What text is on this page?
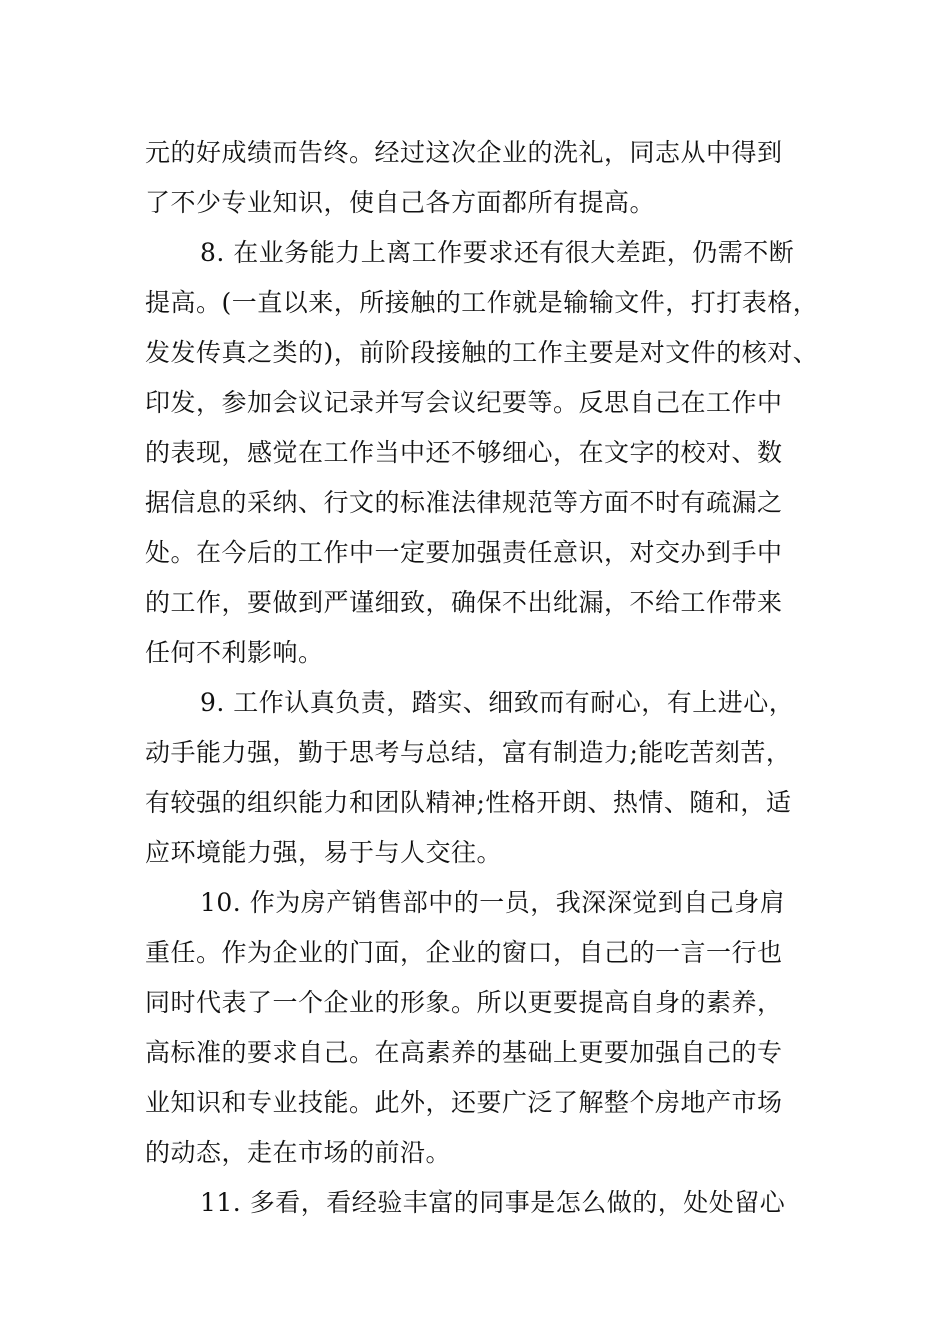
元的好成绩而告终。经过这次企业的洗礼，同志从中得到
了不少专业知识，使自己各方面都所有提高。
8. 在业务能力上离工作要求还有很大差距，仍需不断
提高。(一直以来，所接触的工作就是输输文件，打打表格，
发发传真之类的)，前阶段接触的工作主要是对文件的核对、
印发，参加会议记录并写会议纪要等。反思自己在工作中
的表现，感觉在工作当中还不够细心，在文字的校对、数
据信息的采纳、行文的标准法律规范等方面不时有疏漏之
处。在今后的工作中一定要加强责任意识，对交办到手中
的工作，要做到严谨细致，确保不出纰漏，不给工作带来
任何不利影响。
9. 工作认真负责，踏实、细致而有耐心，有上进心，
动手能力强，勤于思考与总结，富有制造力;能吃苦刻苦，
有较强的组织能力和团队精神;性格开朗、热情、随和，适
应环境能力强，易于与人交往。
10. 作为房产销售部中的一员，我深深觉到自己身肩
重任。作为企业的门面，企业的窗口，自己的一言一行也
同时代表了一个企业的形象。所以更要提高自身的素养，
高标准的要求自己。在高素养的基础上更要加强自己的专
业知识和专业技能。此外，还要广泛了解整个房地产市场
的动态，走在市场的前沿。
11. 多看，看经验丰富的同事是怎么做的，处处留心
